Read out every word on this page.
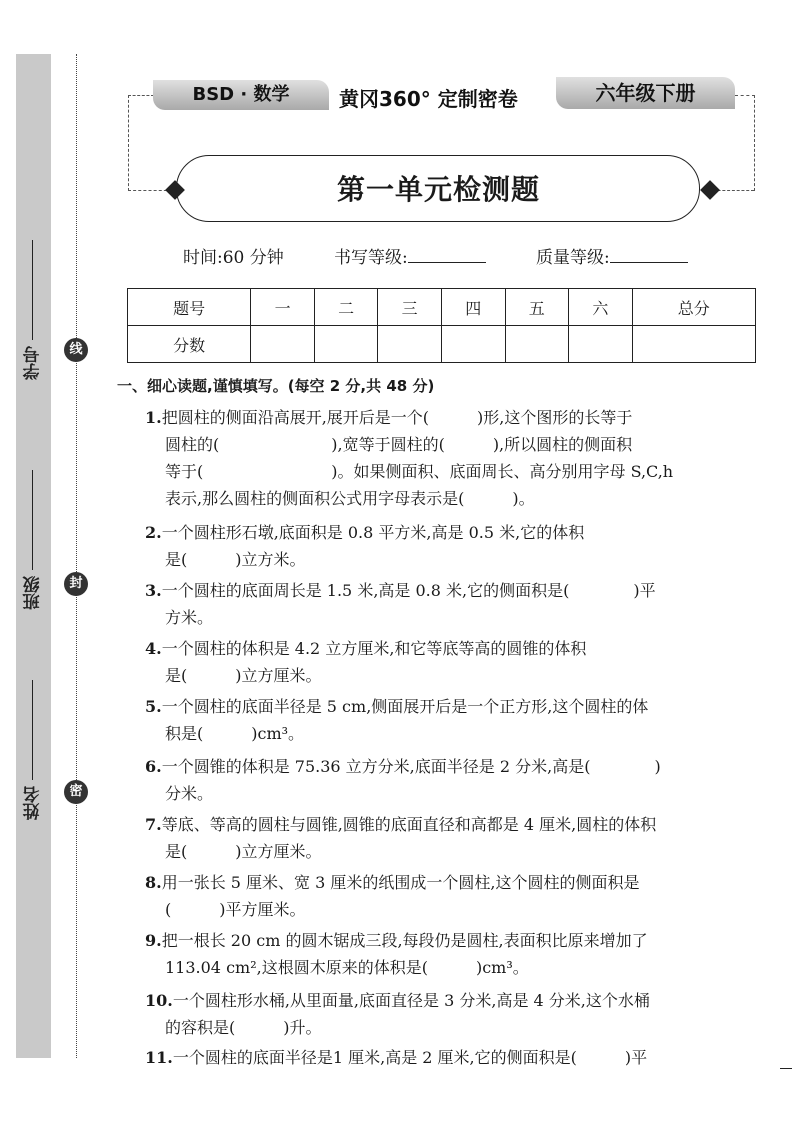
学号
班级
姓名
线
封
密
BSD · 数学	黄冈360° 定制密卷	六年级下册
第一单元检测题
时间:60 分钟	书写等级:	质量等级:
题号	一	二	三	四	五	六	总分
分数							
一、细心读题,谨慎填写。(每空 2 分,共 48 分)
1.把圆柱的侧面沿高展开,展开后是一个(　　　)形,这个图形的长等于
圆柱的(　　　　　　　),宽等于圆柱的(　　　),所以圆柱的侧面积
等于(　　　　　　　　)。如果侧面积、底面周长、高分别用字母 S,C,h
表示,那么圆柱的侧面积公式用字母表示是(　　　)。
2.一个圆柱形石墩,底面积是 0.8 平方米,高是 0.5 米,它的体积
是(　　　)立方米。
3.一个圆柱的底面周长是 1.5 米,高是 0.8 米,它的侧面积是(　　　　)平
方米。
4.一个圆柱的体积是 4.2 立方厘米,和它等底等高的圆锥的体积
是(　　　)立方厘米。
5.一个圆柱的底面半径是 5 cm,侧面展开后是一个正方形,这个圆柱的体
积是(　　　)cm³。
6.一个圆锥的体积是 75.36 立方分米,底面半径是 2 分米,高是(　　　　)
分米。
7.等底、等高的圆柱与圆锥,圆锥的底面直径和高都是 4 厘米,圆柱的体积
是(　　　)立方厘米。
8.用一张长 5 厘米、宽 3 厘米的纸围成一个圆柱,这个圆柱的侧面积是
(　　　)平方厘米。
9.把一根长 20 cm 的圆木锯成三段,每段仍是圆柱,表面积比原来增加了
113.04 cm²,这根圆木原来的体积是(　　　)cm³。
10.一个圆柱形水桶,从里面量,底面直径是 3 分米,高是 4 分米,这个水桶
的容积是(　　　)升。
11.一个圆柱的底面半径是1 厘米,高是 2 厘米,它的侧面积是(　　　)平
